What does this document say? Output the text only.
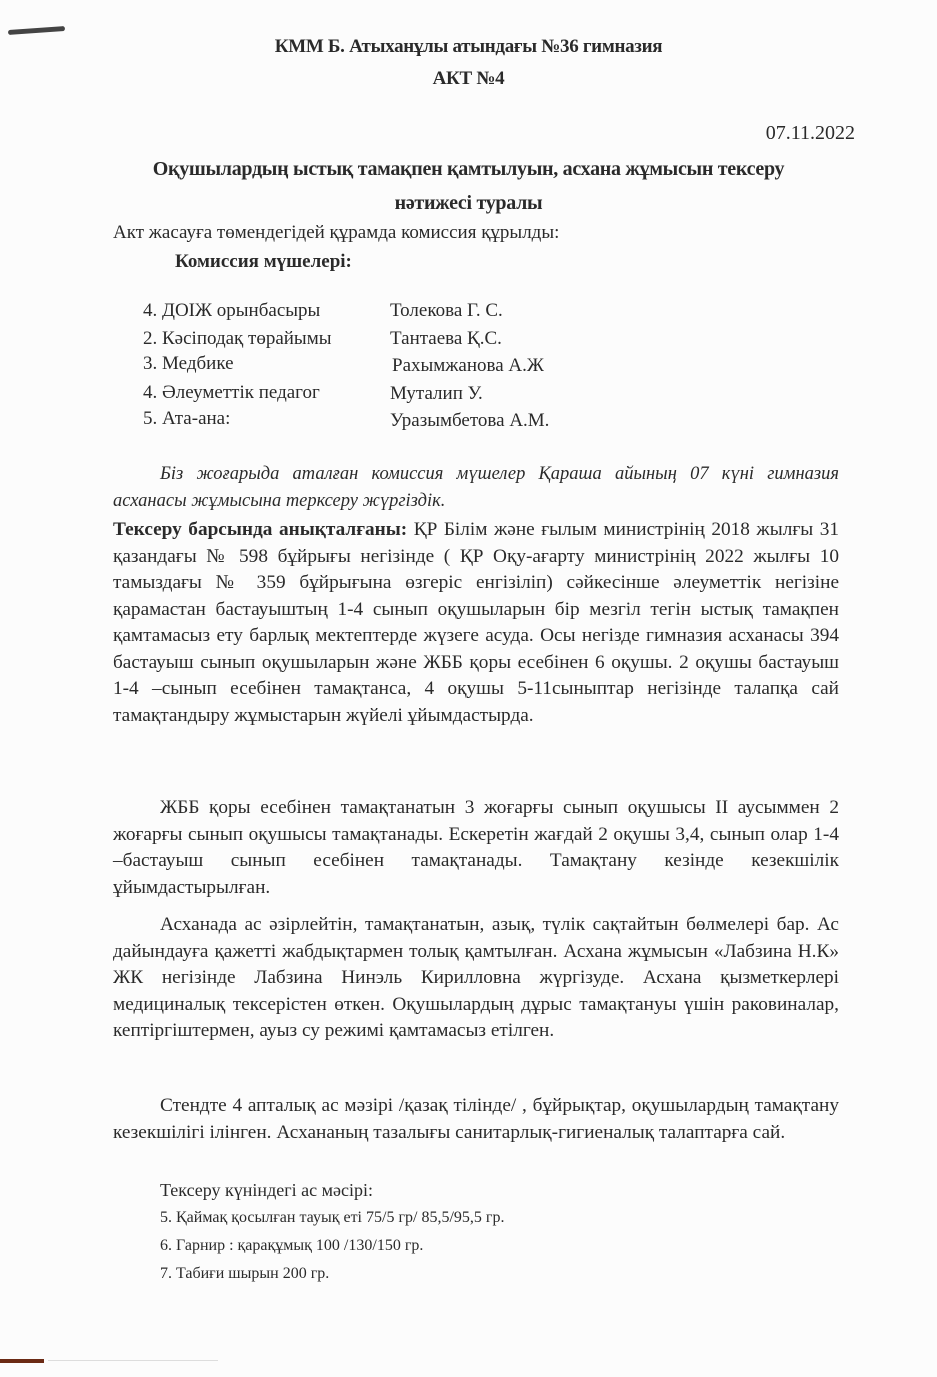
КММ Б. Атыханұлы атындағы №36 гимназия
АКТ №4
07.11.2022
Оқушылардың ыстық тамақпен қамтылуын, асхана жұмысын тексеру
нәтижесі туралы
Акт жасауға төмендегідей құрамда комиссия құрылды:
Комиссия мүшелері:
4. ДОІЖ орынбасыры	Толекова Г. С.
2. Кәсіподақ төрайымы	Тантаева Қ.С.
3. Медбике	Рахымжанова А.Ж
4. Әлеуметтік педагог	Муталип У.
5. Ата-ана:	Уразымбетова А.М.
Біз жоғарыда аталған комиссия мүшелер Қараша айының 07 күні гимназия асханасы жұмысына терксеру жүргіздік.
Тексеру барсында анықталғаны: ҚР Білім және ғылым министрінің 2018 жылғы 31 қазандағы № 598 бұйрығы негізінде ( ҚР Оқу-ағарту министрінің 2022 жылғы 10 тамыздағы № 359 бұйрығына өзгеріс енгізіліп) сәйкесінше әлеуметтік негізіне қарамастан бастауыштың 1-4 сынып оқушыларын бір мезгіл тегін ыстық тамақпен қамтамасыз ету барлық мектептерде жүзеге асуда. Осы негізде гимназия асханасы 394 бастауыш сынып оқушыларын және ЖББ қоры есебінен 6 оқушы. 2 оқушы бастауыш 1-4 –сынып есебінен тамақтанса, 4 оқушы 5-11сыныптар негізінде талапқа сай тамақтандыру жұмыстарын жүйелі ұйымдастырда.
ЖББ қоры есебінен тамақтанатын 3 жоғарғы сынып оқушысы II аусыммен 2 жоғарғы сынып оқушысы тамақтанады. Ескеретін жағдай 2 оқушы 3,4, сынып олар 1-4 –бастауыш сынып есебінен тамақтанады. Тамақтану кезінде кезекшілік ұйымдастырылған.
Асханада ас әзірлейтін, тамақтанатын, азық, түлік сақтайтын бөлмелері бар. Ас дайындауға қажетті жабдықтармен толық қамтылған. Асхана жұмысын «Лабзина Н.К» ЖК негізінде Лабзина Нинэль Кирилловна жүргізуде. Асхана қызметкерлері медициналық тексерістен өткен. Оқушылардың дұрыс тамақтануы үшін раковиналар, кептіргіштермен, ауыз су режимі қамтамасыз етілген.
Стендте 4 апталық ас мәзірі /қазақ тілінде/ , бұйрықтар, оқушылардың тамақтану кезекшілігі ілінген. Асхананың тазалығы санитарлық-гигиеналық талаптарға сай.
Тексеру күніндегі ас мәсірі:
5. Қаймақ қосылған тауық еті 75/5 гр/ 85,5/95,5 гр.
6. Гарнир : қарақұмық 100 /130/150 гр.
7. Табиғи шырын 200 гр.
